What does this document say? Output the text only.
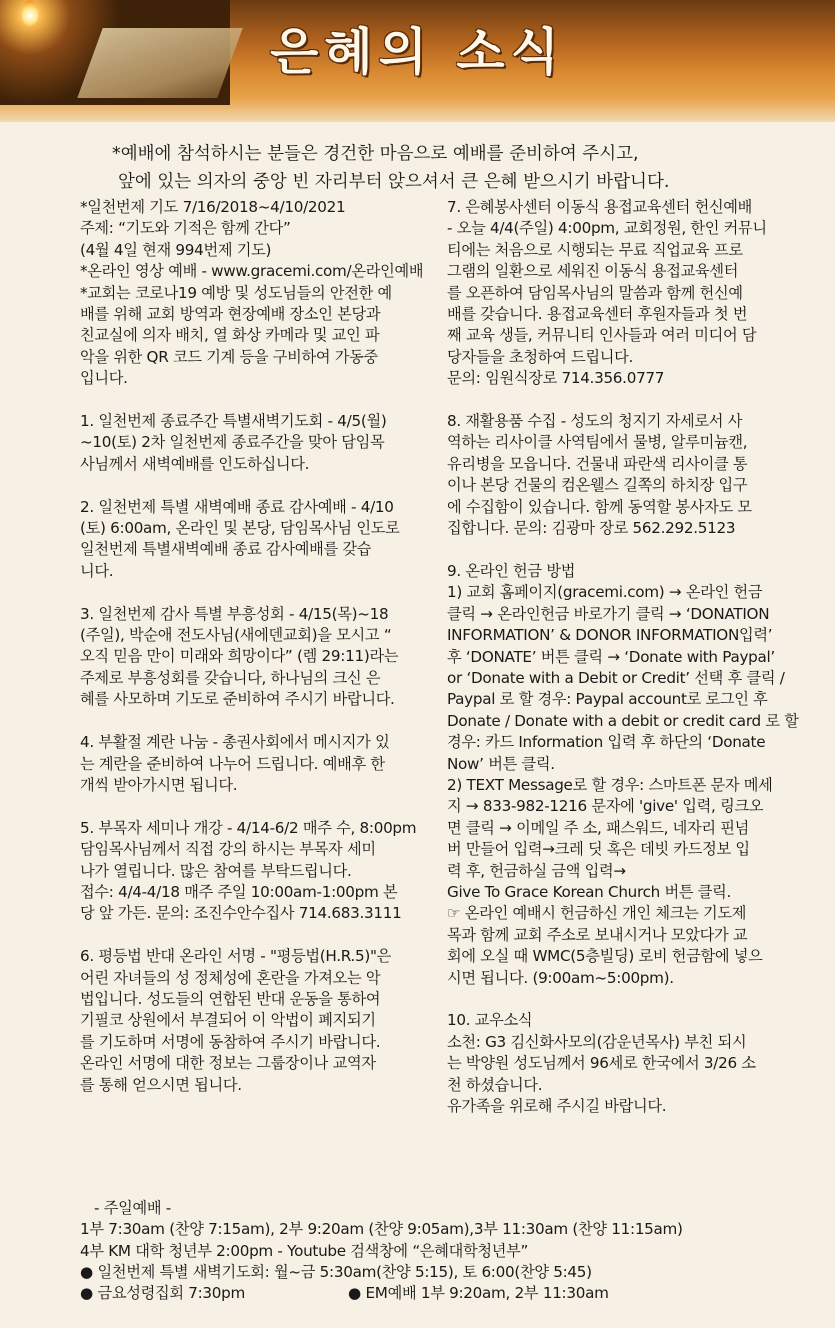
은혜의 소식
*예배에 참석하시는 분들은 경건한 마음으로 예배를 준비하여 주시고,
앞에 있는 의자의 중앙 빈 자리부터 앉으셔서 큰 은혜 받으시기 바랍니다.
*일천번제 기도 7/16/2018~4/10/2021
주제: “기도와 기적은 함께 간다”
(4월 4일 현재 994번제 기도)
*온라인 영상 예배 - www.gracemi.com/온라인예배
*교회는 코로나19 예방 및 성도님들의 안전한 예
배를 위해 교회 방역과 현장예배 장소인 본당과
친교실에 의자 배치, 열 화상 카메라 및 교인 파
악을 위한 QR 코드 기계 등을 구비하여 가동중
입니다.
1. 일천번제 종료주간 특별새벽기도회 - 4/5(월)
~10(토) 2차 일천번제 종료주간을 맞아 담임목
사님께서 새벽예배를 인도하십니다.
2. 일천번제 특별 새벽예배 종료 감사예배 - 4/10
(토) 6:00am, 온라인 및 본당, 담임목사님 인도로
일천번제 특별새벽예배 종료 감사예배를 갖습
니다.
3. 일천번제 감사 특별 부흥성회 - 4/15(목)~18
(주일), 박순애 전도사님(새에덴교회)을 모시고 “
오직 믿음 만이 미래와 희망이다” (렘 29:11)라는
주제로 부흥성회를 갖습니다, 하나님의 크신 은
혜를 사모하며 기도로 준비하여 주시기 바랍니다.
4. 부활절 계란 나눔 - 총권사회에서 메시지가 있
는 계란을 준비하여 나누어 드립니다. 예배후 한
개씩 받아가시면 됩니다.
5. 부목자 세미나 개강 - 4/14-6/2 매주 수, 8:00pm
담임목사님께서 직접 강의 하시는 부목자 세미
나가 열립니다. 많은 참여를 부탁드립니다.
접수: 4/4-4/18 매주 주일 10:00am-1:00pm 본
당 앞 가든. 문의: 조진수안수집사 714.683.3111
6. 평등법 반대 온라인 서명 - "평등법(H.R.5)"은
어린 자녀들의 성 정체성에 혼란을 가져오는 악
법입니다. 성도들의 연합된 반대 운동을 통하여
기필코 상원에서 부결되어 이 악법이 폐지되기
를 기도하며 서명에 동참하여 주시기 바랍니다.
온라인 서명에 대한 정보는 그룹장이나 교역자
를 통해 얻으시면 됩니다.
7. 은혜봉사센터 이동식 용접교육센터 헌신예배
- 오늘 4/4(주일) 4:00pm, 교회정원, 한인 커뮤니
티에는 처음으로 시행되는 무료 직업교육 프로
그램의 일환으로 세워진 이동식 용접교육센터
를 오픈하여 담임목사님의 말씀과 함께 헌신예
배를 갖습니다. 용접교육센터 후원자들과 첫 번
째 교육 생들, 커뮤니티 인사들과 여러 미디어 담
당자들을 초청하여 드립니다.
문의: 임원식장로 714.356.0777
8. 재활용품 수집 - 성도의 청지기 자세로서 사
역하는 리사이클 사역팀에서 물병, 알루미늄캔,
유리병을 모읍니다. 건물내 파란색 리사이클 통
이나 본당 건물의 컴온웰스 길쪽의 하치장 입구
에 수집함이 있습니다. 함께 동역할 봉사자도 모
집합니다. 문의: 김광마 장로 562.292.5123
9. 온라인 헌금 방법
1) 교회 홈페이지(gracemi.com) → 온라인 헌금
클릭 → 온라인헌금 바로가기 클릭 → ‘DONATION
INFORMATION’ & DONOR INFORMATION입력’
후 ‘DONATE’ 버튼 클릭 → ‘Donate with Paypal’
or ‘Donate with a Debit or Credit’ 선택 후 클릭 /
Paypal 로 할 경우: Paypal account로 로그인 후
Donate / Donate with a debit or credit card 로 할
경우: 카드 Information 입력 후 하단의 ‘Donate
Now’ 버튼 클릭.
2) TEXT Message로 할 경우: 스마트폰 문자 메세
지 → 833-982-1216 문자에 'give' 입력, 링크오
면 클릭 → 이메일 주 소, 패스워드, 네자리 핀넘
버 만들어 입력→크레 딧 혹은 데빗 카드정보 입
력 후, 헌금하실 금액 입력→
Give To Grace Korean Church 버튼 클릭.
☞ 온라인 예배시 헌금하신 개인 체크는 기도제
목과 함께 교회 주소로 보내시거나 모았다가 교
회에 오실 때 WMC(5층빌딩) 로비 헌금함에 넣으
시면 됩니다. (9:00am~5:00pm).
10. 교우소식
소천: G3 김신화사모의(감운년목사) 부친 되시
는 박양원 성도님께서 96세로 한국에서 3/26 소
천 하셨습니다.
유가족을 위로해 주시길 바랍니다.
- 주일예배 -
1부 7:30am (찬양 7:15am), 2부 9:20am (찬양 9:05am),3부 11:30am (찬양 11:15am)
4부 KM 대학 청년부 2:00pm - Youtube 검색창에 “은혜대학청년부”
● 일천번제 특별 새벽기도회: 월~금 5:30am(찬양 5:15), 토 6:00(찬양 5:45)
● 금요성령집회 7:30pm	● EM예배 1부 9:20am, 2부 11:30am
